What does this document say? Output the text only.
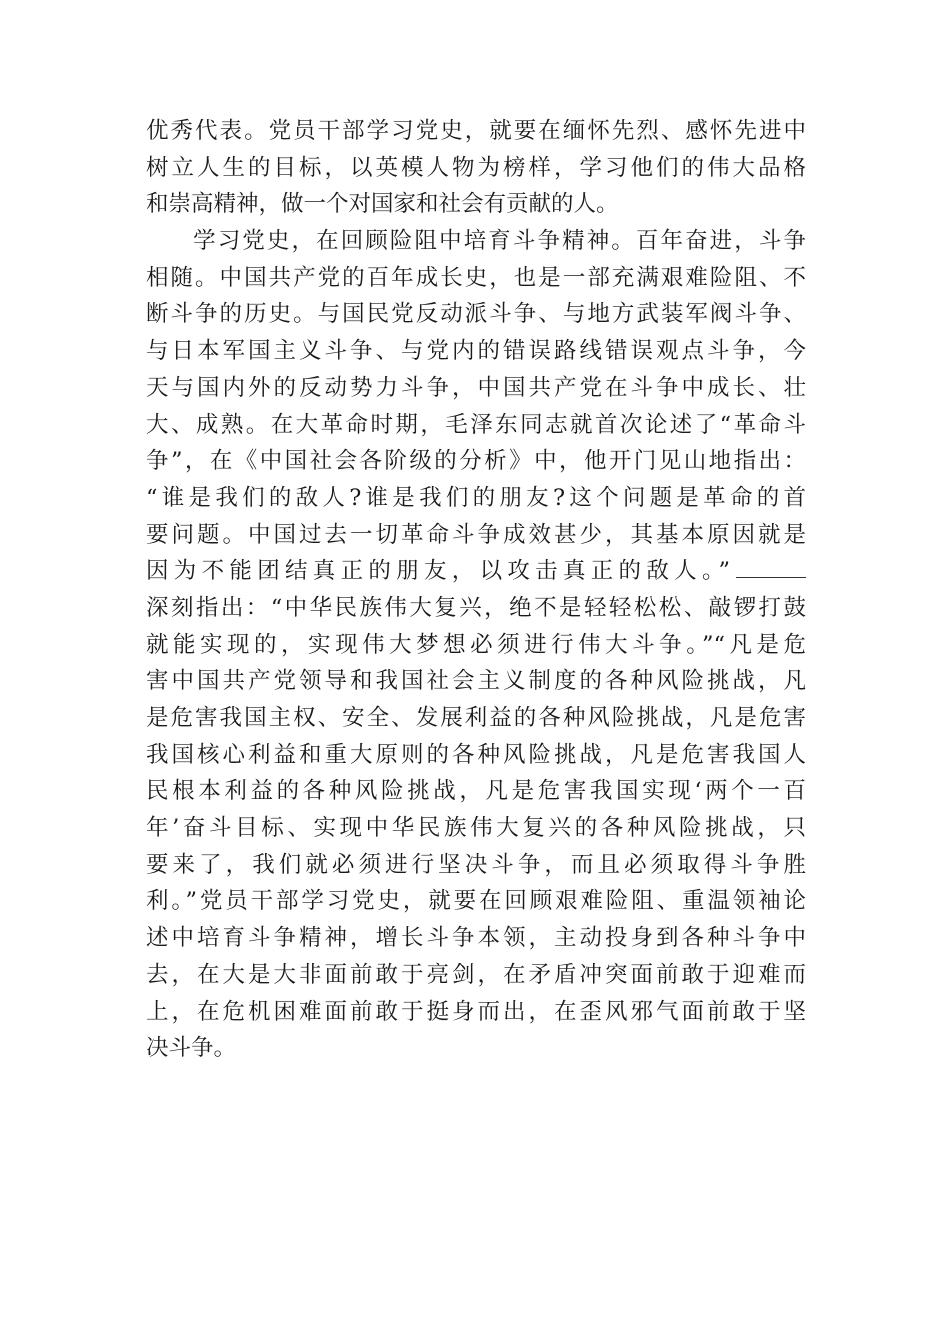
优秀代表。党员干部学习党史，就要在缅怀先烈、感怀先进中
树立人生的目标，以英模人物为榜样，学习他们的伟大品格
和崇高精神，做一个对国家和社会有贡献的人。
学习党史，在回顾险阻中培育斗争精神。百年奋进，斗争
相随。中国共产党的百年成长史，也是一部充满艰难险阻、不
断斗争的历史。与国民党反动派斗争、与地方武装军阀斗争、
与日本军国主义斗争、与党内的错误路线错误观点斗争，今
天与国内外的反动势力斗争，中国共产党在斗争中成长、壮
大、成熟。在大革命时期，毛泽东同志就首次论述了“革命斗
争”，在《中国社会各阶级的分析》中，他开门见山地指出：
“谁是我们的敌人?谁是我们的朋友?这个问题是革命的首
要问题。中国过去一切革命斗争成效甚少，其基本原因就是
因为不能团结真正的朋友，以攻击真正的敌人。”
深刻指出：“中华民族伟大复兴，绝不是轻轻松松、敲锣打鼓
就能实现的，实现伟大梦想必须进行伟大斗争。”“凡是危
害中国共产党领导和我国社会主义制度的各种风险挑战，凡
是危害我国主权、安全、发展利益的各种风险挑战，凡是危害
我国核心利益和重大原则的各种风险挑战，凡是危害我国人
民根本利益的各种风险挑战，凡是危害我国实现‘两个一百
年’奋斗目标、实现中华民族伟大复兴的各种风险挑战，只
要来了，我们就必须进行坚决斗争，而且必须取得斗争胜
利。”党员干部学习党史，就要在回顾艰难险阻、重温领袖论
述中培育斗争精神，增长斗争本领，主动投身到各种斗争中
去，在大是大非面前敢于亮剑，在矛盾冲突面前敢于迎难而
上，在危机困难面前敢于挺身而出，在歪风邪气面前敢于坚
决斗争。
